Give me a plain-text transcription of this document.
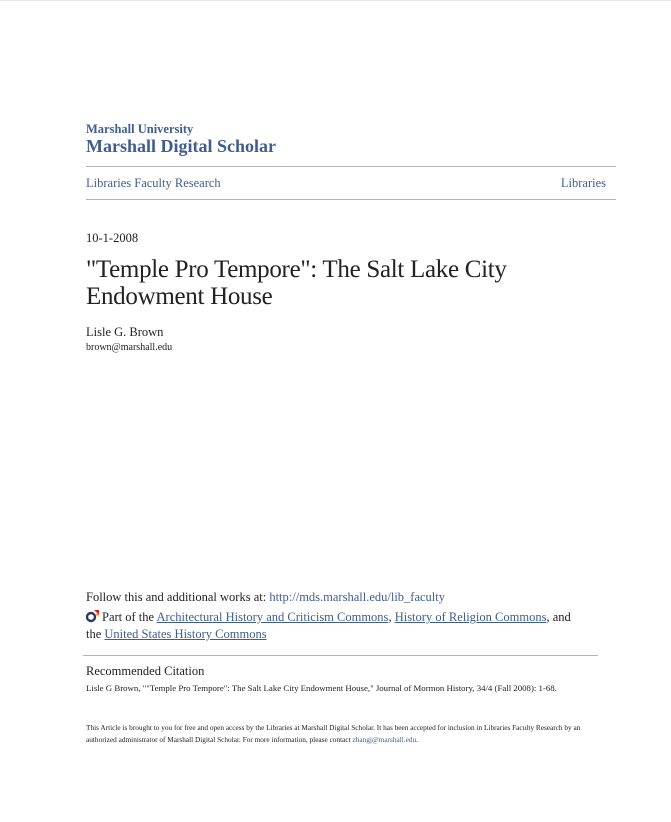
Marshall University
Marshall Digital Scholar
Libraries Faculty Research	Libraries
10-1-2008
"Temple Pro Tempore": The Salt Lake City Endowment House
Lisle G. Brown
brown@marshall.edu
Follow this and additional works at: http://mds.marshall.edu/lib_faculty
Part of the Architectural History and Criticism Commons, History of Religion Commons, and
the United States History Commons
Recommended Citation
Lisle G Brown, ""Temple Pro Tempore": The Salt Lake City Endowment House," Journal of Mormon History, 34/4 (Fall 2008): 1-68.
This Article is brought to you for free and open access by the Libraries at Marshall Digital Scholar. It has been accepted for inclusion in Libraries Faculty Research by an authorized administrator of Marshall Digital Scholar. For more information, please contact zhangj@marshall.edu.
